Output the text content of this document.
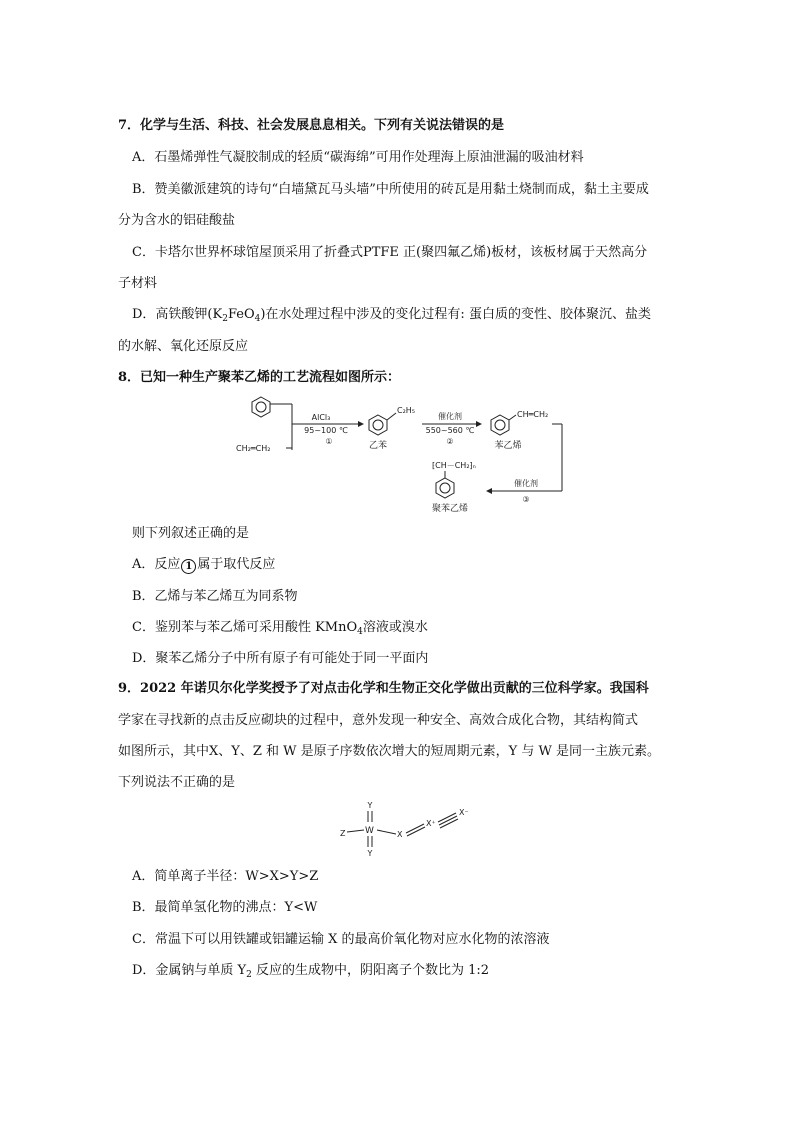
7．化学与生活、科技、社会发展息息相关。下列有关说法错误的是
A．石墨烯弹性气凝胶制成的轻质“碳海绵”可用作处理海上原油泄漏的吸油材料
B．赞美徽派建筑的诗句“白墙黛瓦马头墙”中所使用的砖瓦是用黏土烧制而成，黏土主要成
分为含水的铝硅酸盐
C．卡塔尔世界杯球馆屋顶采用了折叠式PTFE 正(聚四氟乙烯)板材，该板材属于天然高分
子材料
D．高铁酸钾$(K_2FeO_4)$在水处理过程中涉及的变化过程有: 蛋白质的变性、胶体聚沉、盐类
的水解、氧化还原反应
8．已知一种生产聚苯乙烯的工艺流程如图所示：
CH₂═CH₂
AlCl₃
95~100 ℃
①
C₂H₅
乙苯
催化剂
550~560 ℃
②
CH═CH₂
苯乙烯
催化剂
③
⁅CH－CH₂⁆ₙ
聚苯乙烯
则下列叙述正确的是
A．反应 1 属于取代反应
B．乙烯与苯乙烯互为同系物
C．鉴别苯与苯乙烯可采用酸性 KMnO$_4$溶液或溴水
D．聚苯乙烯分子中所有原子有可能处于同一平面内
9．2022 年诺贝尔化学奖授予了对点击化学和生物正交化学做出贡献的三位科学家。我国科
学家在寻找新的点击反应砌块的过程中，意外发现一种安全、高效合成化合物，其结构简式
如图所示，其中X、Y、Z 和 W 是原子序数依次增大的短周期元素，Y 与 W 是同一主族元素。
下列说法不正确的是
Y
Z W
Y
X
X⁺
X⁻
A．简单离子半径：W>X>Y>Z
B．最简单氢化物的沸点：Y<W
C．常温下可以用铁罐或铝罐运输 X 的最高价氧化物对应水化物的浓溶液
D．金属钠与单质 $Y_2$ 反应的生成物中，阴阳离子个数比为 1:2
